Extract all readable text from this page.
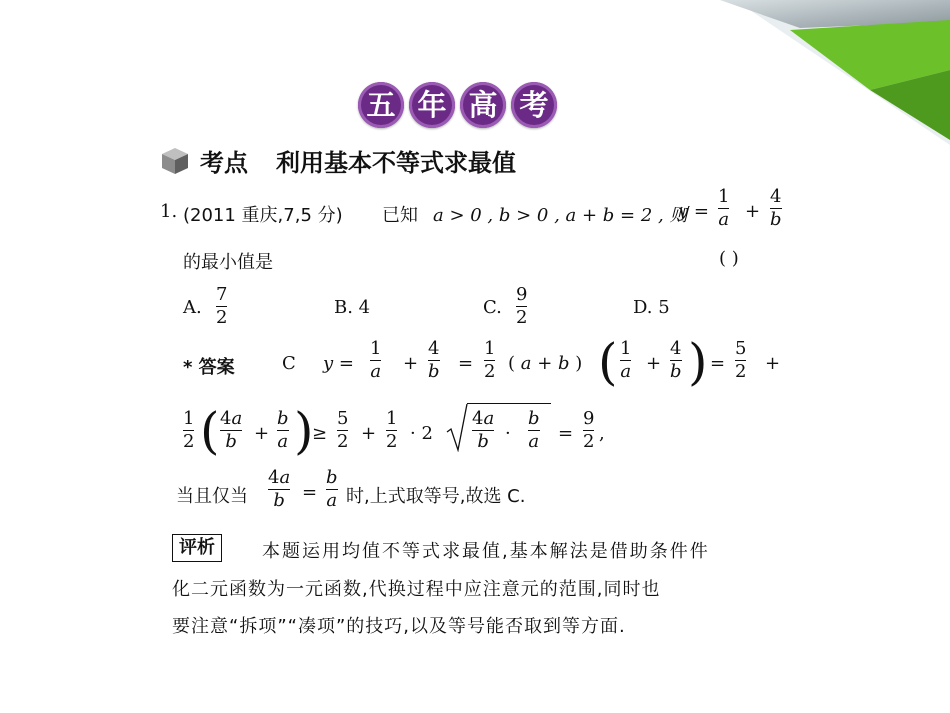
五 年 高 考
考点 利用基本不等式求最值
1. (2011 重庆,7,5 分) 已知 a > 0 , b > 0 , a + b = 2 , 则
y =
1
a +
4
b
的最小值是	( )
A.
7
2	B. 4	C.
9
2	D. 5
* 答案	C y =
1
a +
4
b =
1
2 ( a + b ) ( 1
a +
4
b ) =
5
2 +
1
2 ( 4a
b +
b
a )
≥
5
2 +
1
2 · 2
4a
b ·
b
a =
9
2 ,
当且仅当
4a
b =
b
a 时,上式取等号,故选 C.
评析	本题运用均值不等式求最值,基本解法是借助条件件
化二元函数为一元函数,代换过程中应注意元的范围,同时也
要注意“拆项”“凑项”的技巧,以及等号能否取到等方面.
